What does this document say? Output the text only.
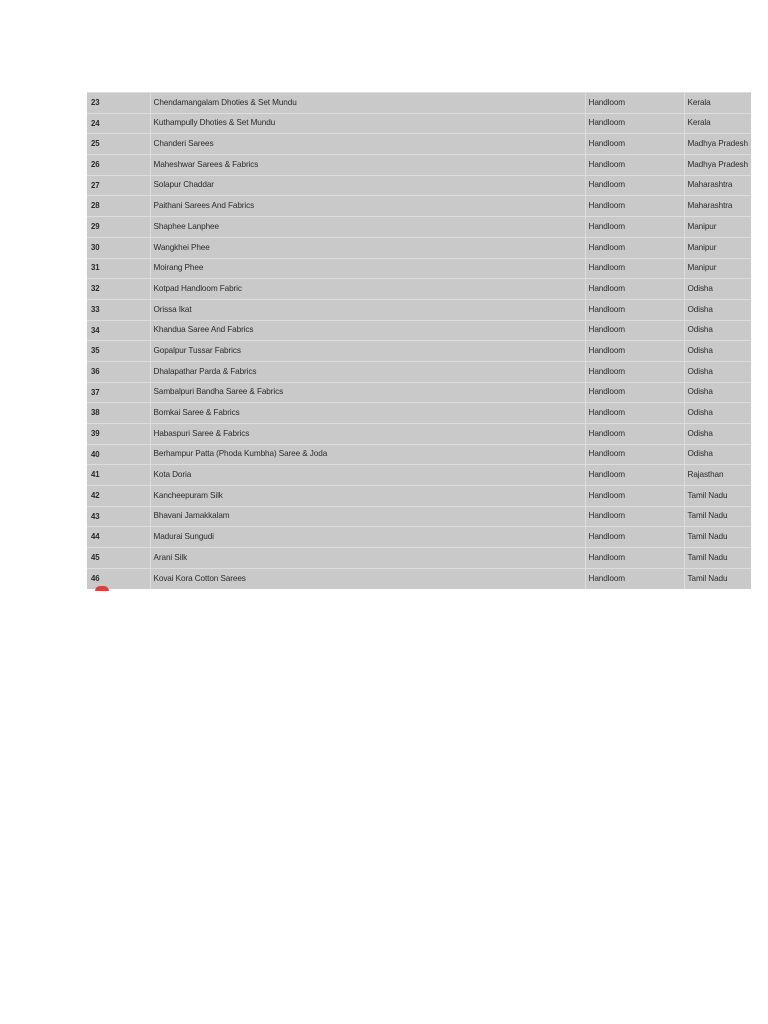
23	Chendamangalam Dhoties & Set Mundu	Handloom	Kerala
24	Kuthampully Dhoties & Set Mundu	Handloom	Kerala
25	Chanderi Sarees	Handloom	Madhya Pradesh
26	Maheshwar Sarees & Fabrics	Handloom	Madhya Pradesh
27	Solapur Chaddar	Handloom	Maharashtra
28	Paithani Sarees And Fabrics	Handloom	Maharashtra
29	Shaphee Lanphee	Handloom	Manipur
30	Wangkhei Phee	Handloom	Manipur
31	Moirang Phee	Handloom	Manipur
32	Kotpad Handloom Fabric	Handloom	Odisha
33	Orissa Ikat	Handloom	Odisha
34	Khandua Saree And Fabrics	Handloom	Odisha
35	Gopalpur Tussar Fabrics	Handloom	Odisha
36	Dhalapathar Parda & Fabrics	Handloom	Odisha
37	Sambalpuri Bandha Saree & Fabrics	Handloom	Odisha
38	Bomkai Saree & Fabrics	Handloom	Odisha
39	Habaspuri Saree & Fabrics	Handloom	Odisha
40	Berhampur Patta (Phoda Kumbha) Saree & Joda	Handloom	Odisha
41	Kota Doria	Handloom	Rajasthan
42	Kancheepuram Silk	Handloom	Tamil Nadu
43	Bhavani Jamakkalam	Handloom	Tamil Nadu
44	Madurai Sungudi	Handloom	Tamil Nadu
45	Arani Silk	Handloom	Tamil Nadu
46	Kovai Kora Cotton Sarees	Handloom	Tamil Nadu
